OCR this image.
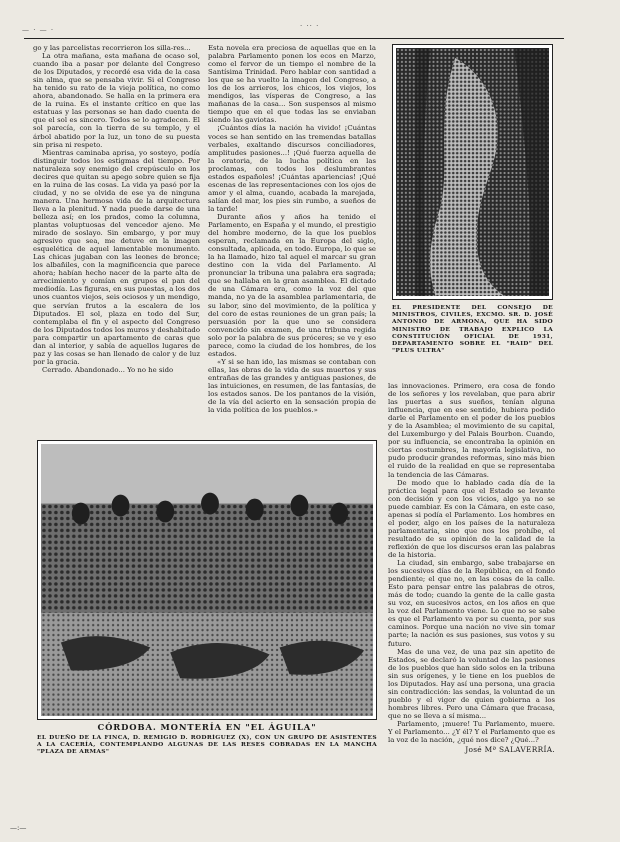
— · — ·	· ·· ·

go y las parcelistas recorrieron los silla-res...

La otra mañana, esta mañana de ocaso sol, cuando iba a pasar por delante del Congreso de los Diputados, y recordé esa vida de la casa sin alma, que se pensaba vivir. Si el Congreso ha tenido su rato de la vieja política, no como ahora, abandonado. Se halla en la primera era de la ruina. Es el instante crítico en que las estatuas y las personas se han dado cuenta de que el sol es sincero. Todos se lo agradecen. El sol parecía, con la tierra de su templo, y el árbol abatido por la luz, un tono de su puesta sin prisa ni respeto.

Mientras caminaba aprisa, yo sosteyo, podía distinguir todos los estigmas del tiempo. Por naturaleza soy enemigo del crepúsculo en los decires que quitan su apego sobre quien se fija en la ruina de las cosas. La vida ya pasó por la ciudad, y no se olvida de ese ya de ninguna manera. Una hermosa vida de la arquitectura lleva a la plenitud. Y nada puede darse de una belleza así; en los prados, como la columna, plantas voluptuosas del vencedor ajeno. Me mirado de soslayo. Sin embargo, y por muy agresivo que sea, me detuve en la imagen esquelética de aquel lamentable monumento. Las chicas jugaban con las leones de bronce; los albañiles, con la magnificencia que parece ahora; habían hecho nacer de la parte alta de arrecimiento y comían en grupos el pan del mediodía. Las figuras, en sus puestas, a los dos unos cuantos viejos, seis ociosos y un mendigo, que servían frutos a la escalera de los Diputados. El sol, plaza en todo del Sur, contemplaba el fin y el aspecto del Congreso de los Diputados todos los muros y deshabitado para compartir un apartamento de caras que dan al interior, y sabía de aquellos lugares de paz y las cosas se han llenado de calor y de luz por la gracia.

Cerrado. Abandonado... Yo no he sido

Esta novela era preciosa de aquellas que en la palabra Parlamento ponen los ecos en Marzo, como el fervor de un tiempo el nombre de la Santísima Trinidad. Pero hablar con santidad a los que se ha vuelto la imagen del Congreso, a los de los arrieros, los chicos, los viejos, los mendigos, las vísperas de Congreso, a las mañanas de la casa... Son suspensos al mismo tiempo que en el que todas las se enviaban siendo las gaviotas.

¡Cuántos días la nación ha vivido! ¡Cuántas voces se han sentido en las tremendas batallas verbales, exaltando discursos conciliadores, amplitudes pasiones...! ¡Qué fuerza aquella de la oratoria, de la lucha política en las proclamas, con todos los deslumbrantes estados españoles! ¡Cuántas apariencias! ¡Qué escenas de las representaciones con los ojos de amor y el alma, cuando, acabada la marejada, salían del mar, los pies sin rumbo, a sueños de la tarde!

Durante años y años ha tenido el Parlamento, en España y el mundo, el prestigio del hombre moderno, de la que los pueblos esperan, reclamada en la Europa del siglo, consultada, aplicada, en todo. Europa, lo que se la ha llamado, hizo tal aquel el marcar su gran destino con la vida del Parlamento. Al pronunciar la tribuna una palabra era sagrada; que se hallaba en la gran asamblea. El dictado de una Cámara era, como la voz del que manda, no ya de la asamblea parlamentaria, de su labor, sino del movimiento, de la política y del coro de estas reuniones de un gran país; la persuasión por la que uno se considera convencido sin examen, de una tribuna regida solo por la palabra de sus próceres; se ve y eso parece, como la ciudad de los hombres, de los estados.

«Y si se han ido, las mismas se contaban con ellas, las obras de la vida de sus muertos y sus entrañas de las grandes y antiguas pasiones, de las intuiciones, en resumen, de las fantasías, de los estados sanos. De los pantanos de la visión, de la vía del acierto en la sensación propia de la vida política de los pueblos.»

EL PRESIDENTE DEL CONSEJO DE MINISTROS, CIVILES, EXCMO. SR. D. JOSÉ ANTONIO DE ARMONA, QUE HA SIDO MINISTRO DE TRABAJO EXPLICO LA CONSTITUCIÓN OFICIAL DE 1931, DEPARTAMENTO SOBRE EL "RAID" DEL "PLUS ULTRA"

las innovaciones. Primero, era cosa de fondo de los señores y los revelaban, que para abrir las puertas a sus sueños, tenían alguna influencia, que en ese sentido, hubiera podido darle el Parlamento en el poder de los pueblos y de la Asamblea; el movimiento de su capital, del Luxemburgo y del Palais Bourbon. Cuando, por su influencia, se encontraba la opinión en ciertas costumbres, la mayoría legislativa, no pudo producir grandes reformas, sino más bien el ruido de la realidad en que se representaba la tendencia de las Cámaras.

De modo que lo hablado cada día de la práctica legal para que el Estado se levante con decisión y con los vicios, algo ya no se puede cambiar. Es con la Cámara, en este caso, apenas si podía el Parlamento. Los hombres en el poder, algo en los países de la naturaleza parlamentaria, sino que nos los prohíbe, el resultado de su opinión de la calidad de la reflexión de que los discursos eran las palabras de la historia.

La ciudad, sin embargo, sabe trabajarse en los sucesivos días de la República, en el fondo pendiente; el que no, en las cosas de la calle. Esto para pensar entre las palabras de otros, más de todo; cuando la gente de la calle gasta su voz, en sucesivos actos, en los años en que la voz del Parlamento viene. Lo que no se sabe es que el Parlamento va por su cuenta, por sus caminos. Porque una nación no vive sin tomar parte; la nación es sus pasiones, sus votos y su futuro.

Mas de una vez, de una paz sin apetito de Estados, se declaró la voluntad de las pasiones de los pueblos que han sido solos en la tribuna sin sus orígenes, y le tiene en los pueblos de los Diputados. Hay así una persona, una gracia sin contradicción: las sendas, la voluntad de un pueblo y el vigor de quien gobierna a los hombres libres. Pero una Cámara que fracasa, que no se lleva a sí misma...

Parlamento, ¡muere! Tu Parlamento, muere. Y el Parlamento... ¿Y él? Y el Parlamento que es la voz de la nación, ¿qué nos dice? ¿Qué...?

José Mª SALAVERRÍA.

CÓRDOBA. MONTERÍA EN "EL ÁGUILA"
EL DUEÑO DE LA FINCA, D. REMIGIO D. RODRÍGUEZ (X), CON UN GRUPO DE ASISTENTES A LA CACERÍA, CONTEMPLANDO ALGUNAS DE LAS RESES COBRADAS EN LA MANCHA "PLAZA DE ARMAS"
—:—
